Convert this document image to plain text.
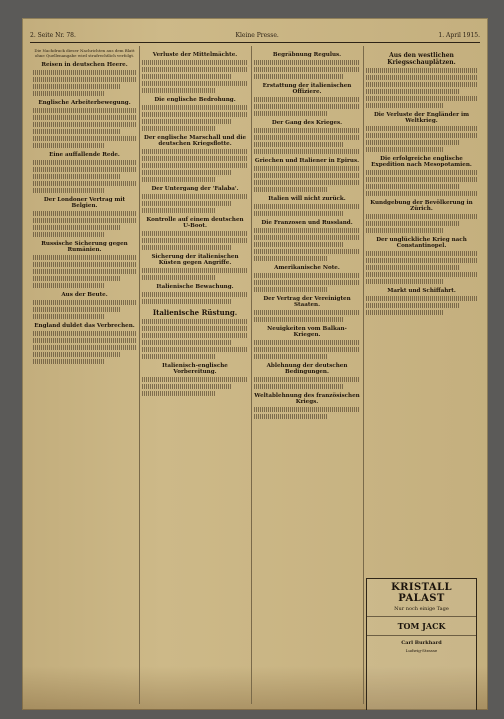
2. Seite Nr. 78.	Kleine Presse.	1. April 1915.
Die Nachdruck dieser Nachrichten aus dem Blatt ohne Quellenangabe wird strafrechtlich verfolgt.
Reisen in deutschen Heere.
Englische Arbeiterbewegung.
Eine auffallende Rede.
Der Londoner Vertrag mit Belgien.
Russische Sicherung gegen Rumänien.
Aus der Beute.
England duldet das Verbrechen.
Verluste der Mittelmächte.
Die englische Bedrohung.
Der englische Marschall und die deutschen Kriegsflotte.
Der Untergang der 'Falaba'.
Kontrolle auf einem deutschen U-Boot.
Sicherung der italienischen Küsten gegen Angriffe.
Italienische Bewachung.
Italienische Rüstung.
Italienisch-englische Vorbereitung.
Begräbnung Regulus.
Erstattung der italienischen Offiziere.
Der Gang des Krieges.
Griechen und Italiener in Epirus.
Italien will nicht zurück.
Die Franzosen und Russland.
Amerikanische Note.
Der Vertrag der Vereinigten Staaten.
Neuigkeiten vom Balkan-Kriegen.
Ablehnung der deutschen Bedingungen.
Weltablehnung des französischen Kriegs.
Aus den westlichen Kriegsschauplätzen.
Die Verluste der Engländer im Weltkrieg.
Die erfolgreiche englische Expedition nach Mesopotamien.
Kundgebung der Bevölkerung in Zürich.
Der unglückliche Krieg nach Constantinopel.
Markt und Schiffahrt.
KRISTALL PALAST
Nur noch einige Tage
TOM JACK
Carl Burkhard
Ludwig-Strasse
